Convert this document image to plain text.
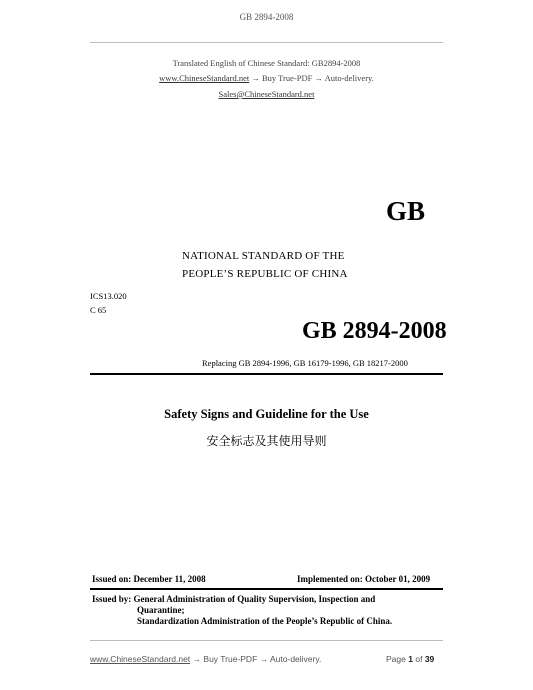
GB 2894-2008
Translated English of Chinese Standard: GB2894-2008
www.ChineseStandard.net → Buy True-PDF → Auto-delivery.
Sales@ChineseStandard.net
GB
NATIONAL STANDARD OF THE
PEOPLE’S REPUBLIC OF CHINA
ICS13.020
C 65
GB 2894-2008
Replacing GB 2894-1996, GB 16179-1996, GB 18217-2000
Safety Signs and Guideline for the Use
安全标志及其使用导则
Issued on: December 11, 2008	Implemented on: October 01, 2009
Issued by: General Administration of Quality Supervision, Inspection and
Quarantine;
Standardization Administration of the People’s Republic of China.
www.ChineseStandard.net → Buy True-PDF → Auto-delivery.	Page 1 of 39
